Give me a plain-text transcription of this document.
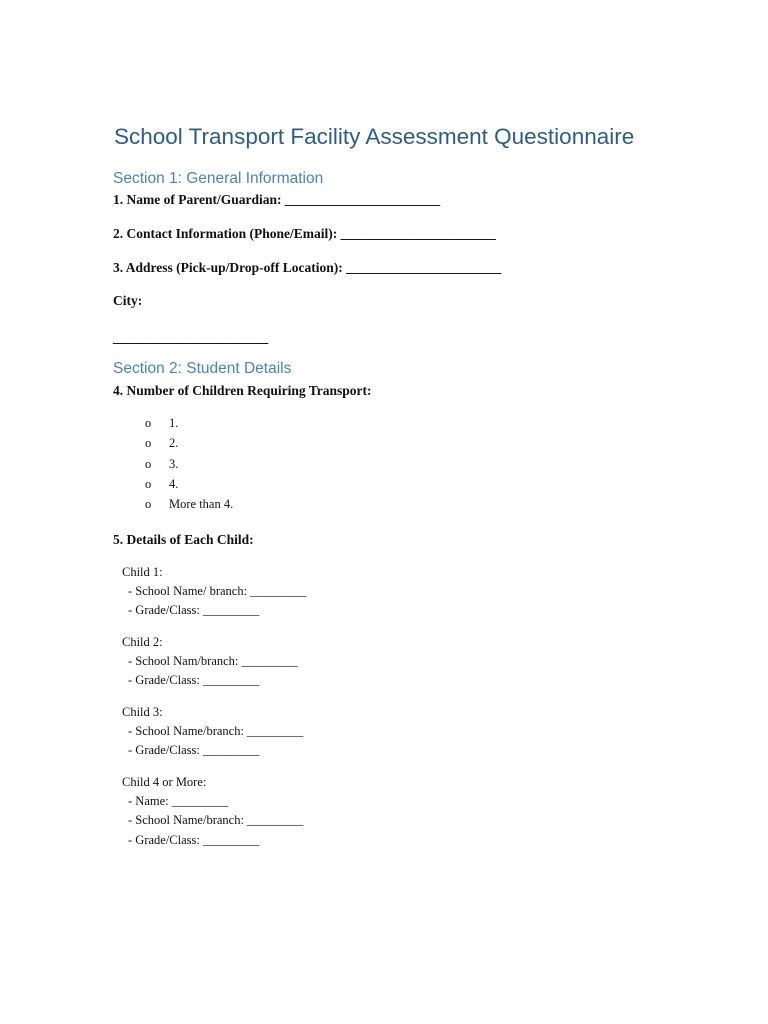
School Transport Facility Assessment Questionnaire
Section 1: General Information
1. Name of Parent/Guardian: _______________________
2. Contact Information (Phone/Email): _______________________
3. Address (Pick-up/Drop-off Location): _______________________
City:
_______________________
Section 2: Student Details
4. Number of Children Requiring Transport:
o 1.
o 2.
o 3.
o 4.
o More than 4.
5. Details of Each Child:
Child 1:
- School Name/ branch: _________
- Grade/Class: _________
Child 2:
- School Nam/branch: _________
- Grade/Class: _________
Child 3:
- School Name/branch: _________
- Grade/Class: _________
Child 4 or More:
- Name: _________
- School Name/branch: _________
- Grade/Class: _________
